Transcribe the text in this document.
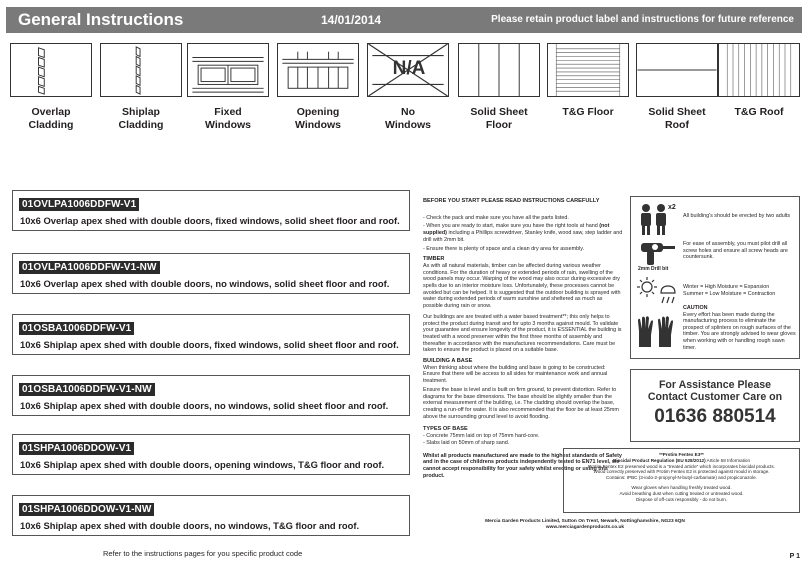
General Instructions	14/01/2014	Please retain product label and instructions for future reference
Overlap
Cladding
Shiplap
Cladding
Fixed
Windows
Opening
Windows
N/A
No
Windows
Solid Sheet
Floor
T&G Floor	Solid Sheet
Roof
T&G Roof
01OVLPA1006DDFW-V1
10x6 Overlap apex shed with double doors, fixed windows, solid sheet floor and roof.
01OVLPA1006DDFW-V1-NW
10x6 Overlap apex shed with double doors, no windows, solid sheet floor and roof.
01OSBA1006DDFW-V1
10x6 Shiplap apex shed with double doors, fixed windows, solid sheet floor and roof.
01OSBA1006DDFW-V1-NW
10x6 Shiplap apex shed with double doors, no windows, solid sheet floor and roof.
01SHPA1006DDOW-V1
10x6 Shiplap apex shed with double doors, opening windows, T&G floor and roof.
01SHPA1006DDOW-V1-NW
10x6 Shiplap apex shed with double doors, no windows, T&G floor and roof.
Refer to the instructions pages for you specific product code
BEFORE YOU START PLEASE READ INSTRUCTIONS CAREFULLY

- Check the pack and make sure you have all the parts listed.

- When you are ready to start, make sure you have the right tools at hand (not supplied) including a Phillips screwdriver, Stanley knife, wood saw, step ladder and drill with 2mm bit.

- Ensure there is plenty of space and a clean dry area for assembly.

TIMBER

As with all natural materials, timber can be affected during various weather conditions. For the duration of heavy or extended periods of rain, swelling of the wood panels may occur. Warping of the wood may also occur during excessive dry spells due to an interior moisture loss. Unfortunately, these processes cannot be avoided but can be helped. It is suggested that the outdoor building is sprayed with water during extended periods of warm sunshine and sheltered as much as possible during rain or snow.

Our buildings are are treated with a water based treatment**; this only helps to protect the product during transit and for upto 3 months against mould. To validate your guarantee and ensure longevity of the product, it is ESSENTIAL the building is treated with a wood preserver within the first three months of assembly and thereafter in accordance with the manufactures recommendations. Care must be taken to ensure the product is placed on a suitable base.

BUILDING A BASE

When thinking about where the building and base is going to be constructed: Ensure that there will be access to all sides for maintenance work and annual treatment.

Ensure the base is level and is built on firm ground, to prevent distortion. Refer to diagrams for the base dimensions. The base should be slightly smaller than the external measurement of the building, i.e. The cladding should overlap the base, creating a run-off for water. It is also recommended that the floor be at least 25mm above the surrounding ground level to avoid flooding.

TYPES OF BASE

- Concrete 75mm laid on top of 75mm hard-core.

- Slabs laid on 50mm of sharp sand.

Whilst all products manufactured are made to the highest standards of Safety and in the case of childrens products independently tested to EN71 level, we cannot accept responsibility for your safety whilst erecting or using this product.

x2
All building's should be erected by two adults
2mm Drill bit
For ease of assembly, you must pilot drill all screw holes and ensure all screw heads are countersunk.
Winter = High Moisture = Expansion
Summer = Low Moisture = Contraction
CAUTION
Every effort has been made during the manufacturing process to eliminate the prospect of splinters on rough surfaces of the timber. You are strongly advised to wear gloves when working with or handling rough sawn timer.
For Assistance Please
Contact Customer Care on
01636 880514
**Protim Fentex E3**
Biocidal Product Regulation (EU 528/2012) Article 58 Information
Protim Fentex E2 preserved wood is a "treated article" which incorporates biocidal products.
Wood correctly preserved with Protim Fentex E2 is protected against mould in storage.
Contains: IPBC (3-iodo-2-propynyl-N-butyl-carbamate) and propiconazole.
Wear gloves when handling freshly treated wood.
Avoid breathing dust when cutting treated or untreated wood.
Dispose of off-cuts responsibly - do not burn.
Mercia Garden Products Limited, Sutton On Trent, Newark, Nottinghamshire, NG23 6QN
www.merciagardenproducts.co.uk
P 1
